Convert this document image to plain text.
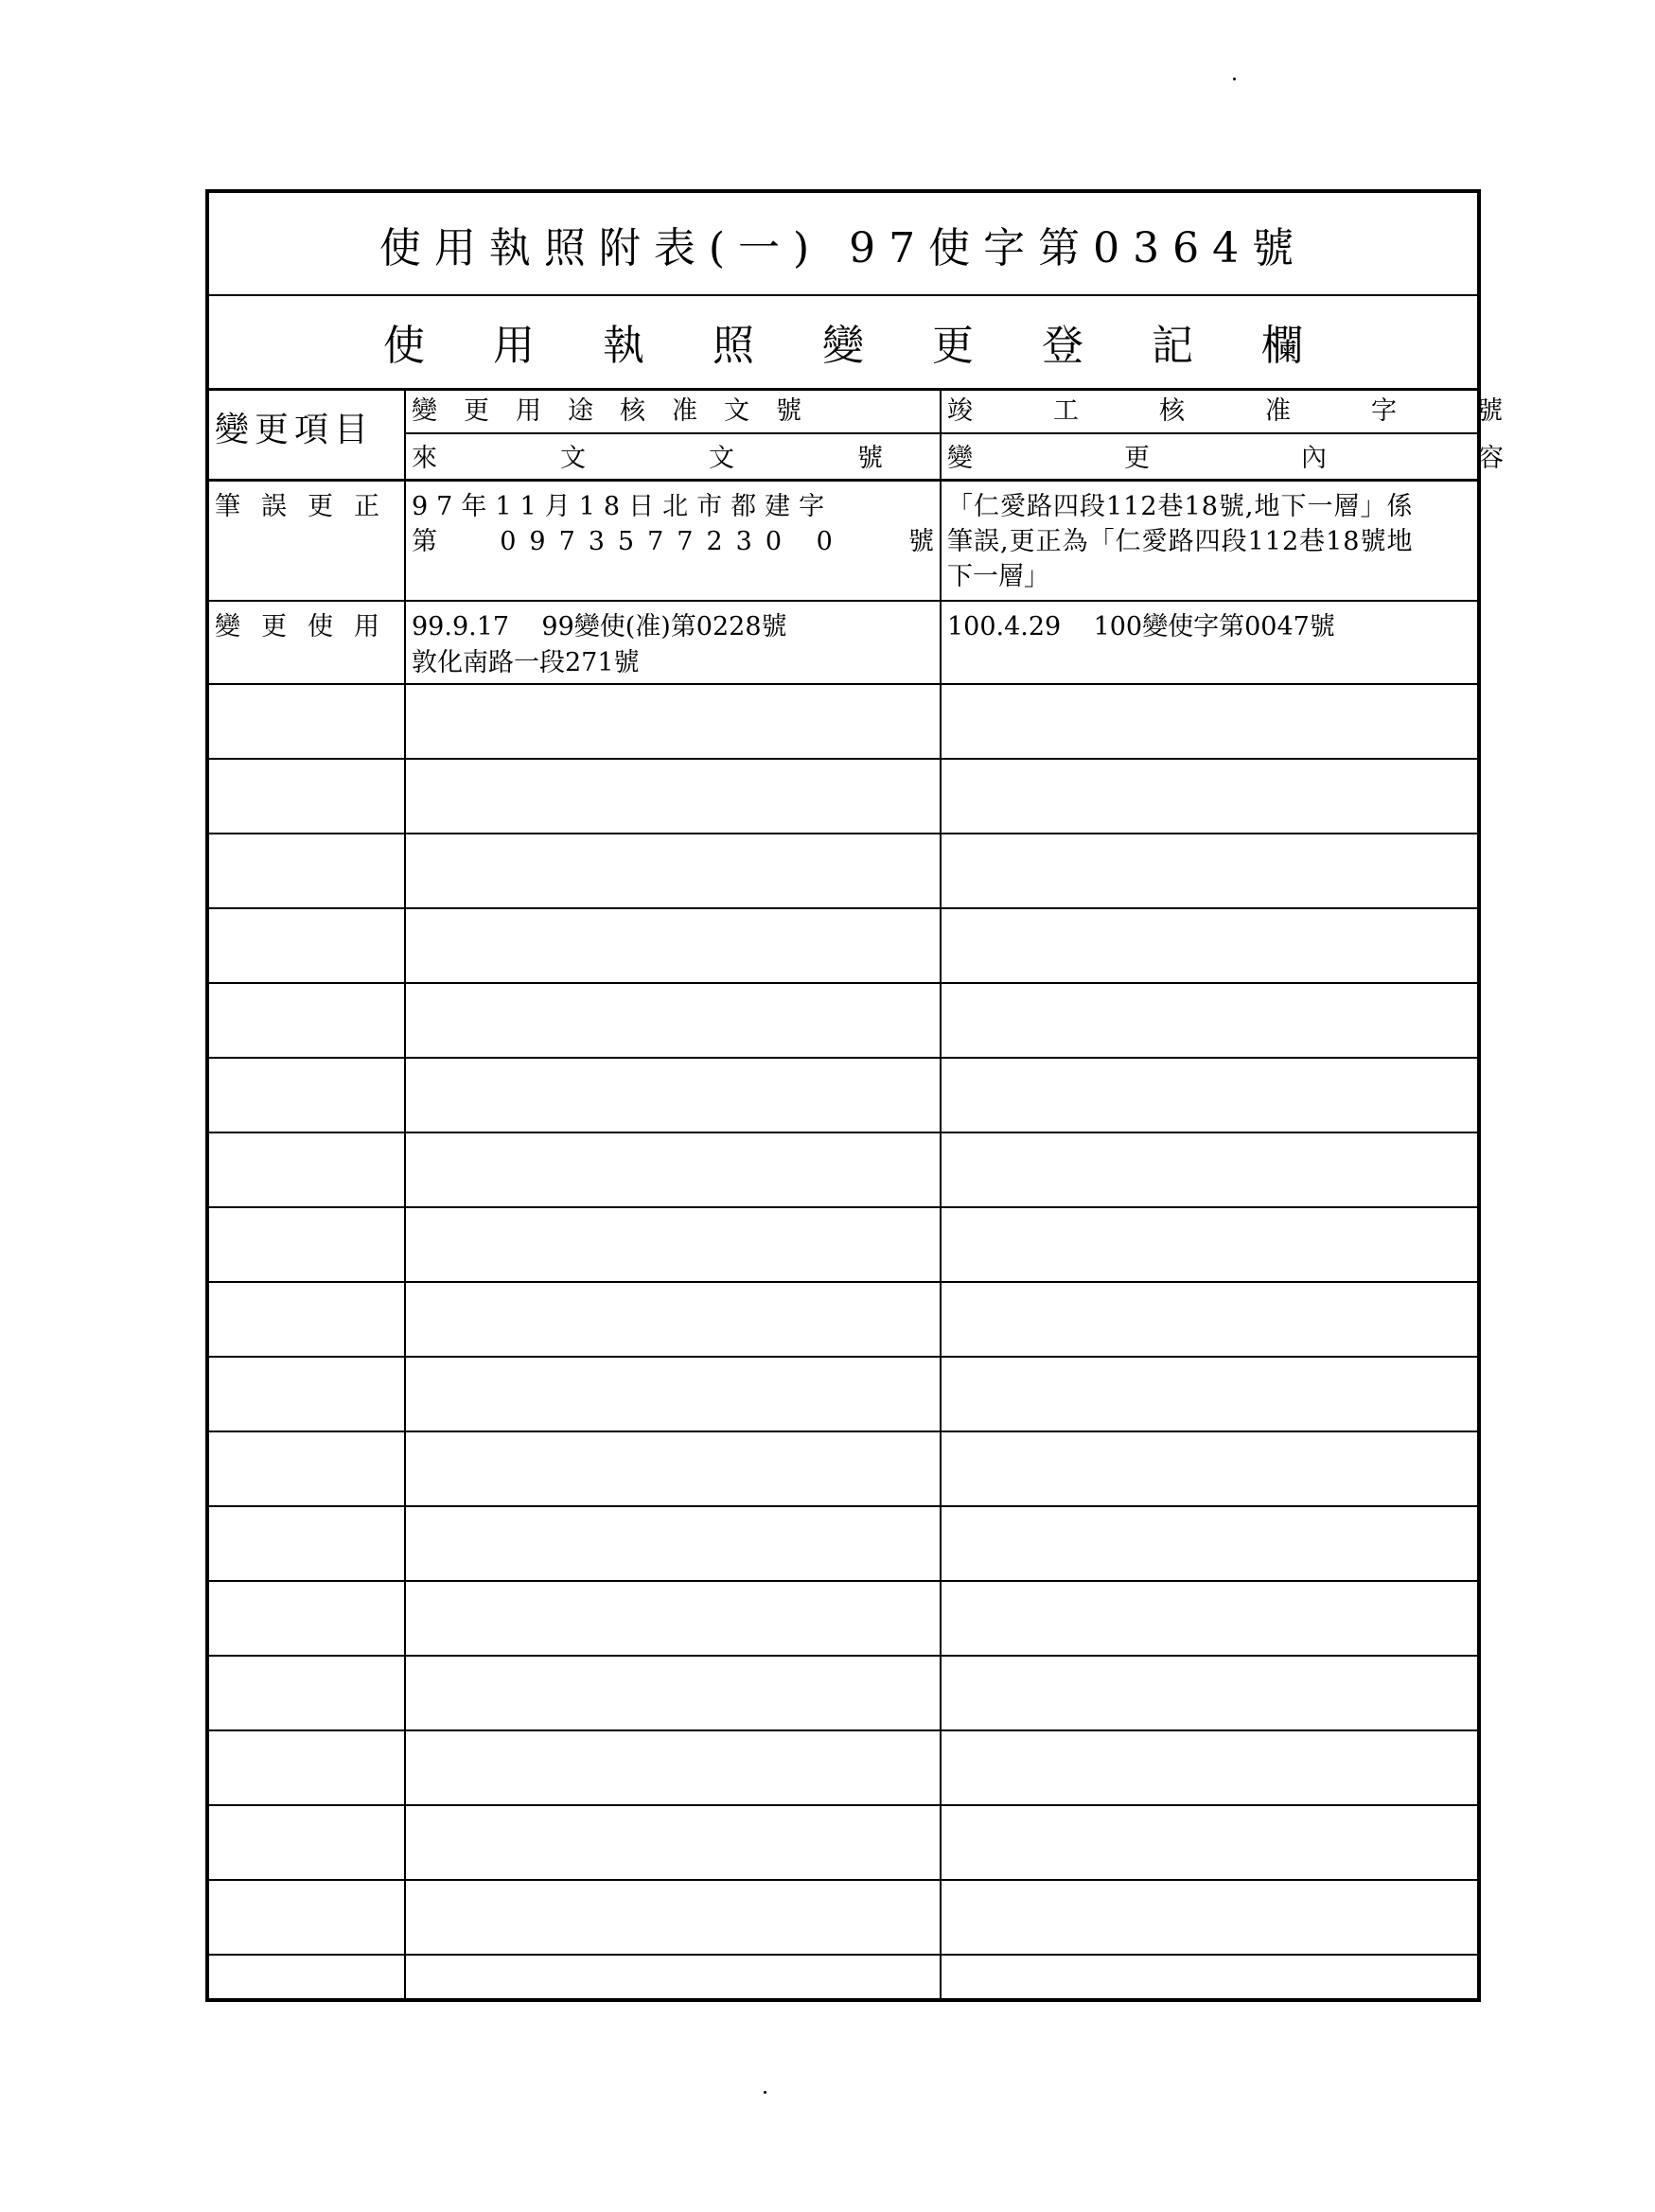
使用執照附表(一) 97使字第0364號
使用執照變更登記欄
變更項目 變更用途核准文號
來文文號
竣工核准字號
變更內容
筆誤更正 97年11月18日北市都建字
第 0973577230 0 號
「仁愛路四段112巷18號,地下一層」係
筆誤,更正為「仁愛路四段112巷18號地
下一層」
變更使用 99.9.17    99變使(准)第0228號
敦化南路一段271號
100.4.29    100變使字第0047號
